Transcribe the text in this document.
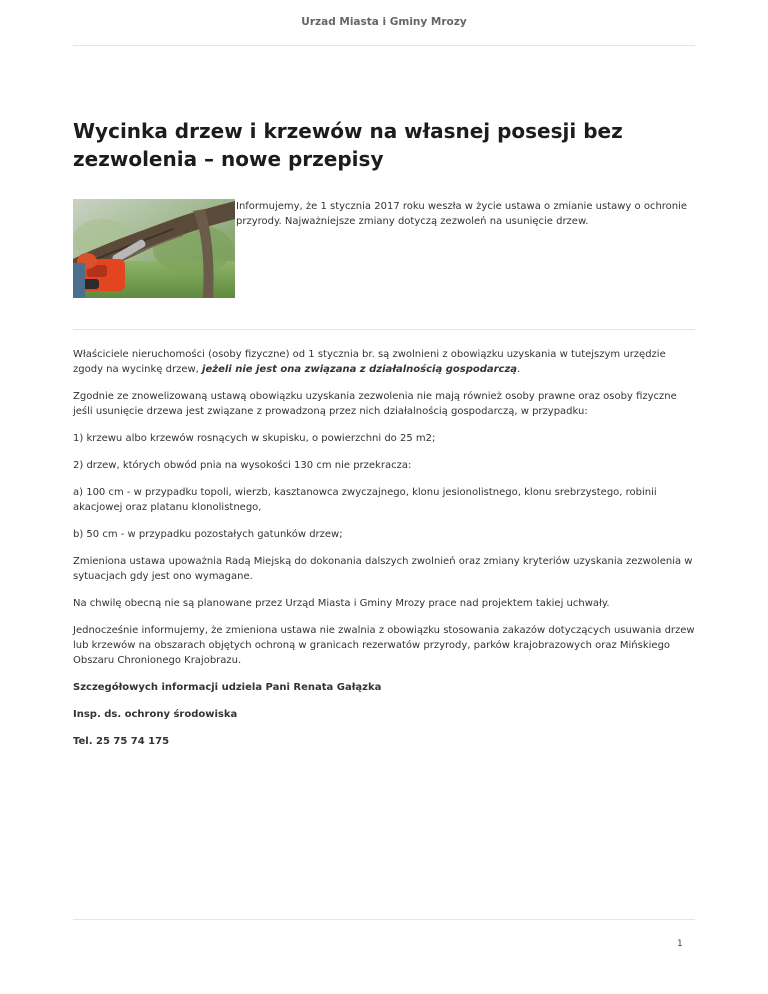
Urzad Miasta i Gminy Mrozy
Wycinka drzew i krzewów na własnej posesji bez zezwolenia – nowe przepisy

Informujemy, że 1 stycznia 2017 roku weszła w życie ustawa o zmianie ustawy o ochronie przyrody. Najważniejsze zmiany dotyczą zezwoleń na usunięcie drzew.

Właściciele nieruchomości (osoby fizyczne) od 1 stycznia br. są zwolnieni z obowiązku uzyskania w tutejszym urzędzie zgody na wycinkę drzew, jeżeli nie jest ona związana z działalnością gospodarczą.

Zgodnie ze znowelizowaną ustawą obowiązku uzyskania zezwolenia nie mają również osoby prawne oraz osoby fizyczne jeśli usunięcie drzewa jest związane z prowadzoną przez nich działalnością gospodarczą, w przypadku:

1) krzewu albo krzewów rosnących w skupisku, o powierzchni do 25 m2;

2) drzew, których obwód pnia na wysokości 130 cm nie przekracza:

a) 100 cm - w przypadku topoli, wierzb, kasztanowca zwyczajnego, klonu jesionolistnego, klonu srebrzystego, robinii akacjowej oraz platanu klonolistnego,

b) 50 cm - w przypadku pozostałych gatunków drzew;

Zmieniona ustawa upoważnia Radą Miejską do dokonania dalszych zwolnień oraz zmiany kryteriów uzyskania zezwolenia w sytuacjach gdy jest ono wymagane.

Na chwilę obecną nie są planowane przez Urząd Miasta i Gminy Mrozy prace nad projektem takiej uchwały.

Jednocześnie informujemy, że zmieniona ustawa nie zwalnia z obowiązku stosowania zakazów dotyczących usuwania drzew lub krzewów na obszarach objętych ochroną w granicach rezerwatów przyrody, parków krajobrazowych oraz Mińskiego Obszaru Chronionego Krajobrazu.

Szczegółowych informacji udziela Pani Renata Gałązka

Insp. ds. ochrony środowiska

Tel. 25 75 74 175

1
